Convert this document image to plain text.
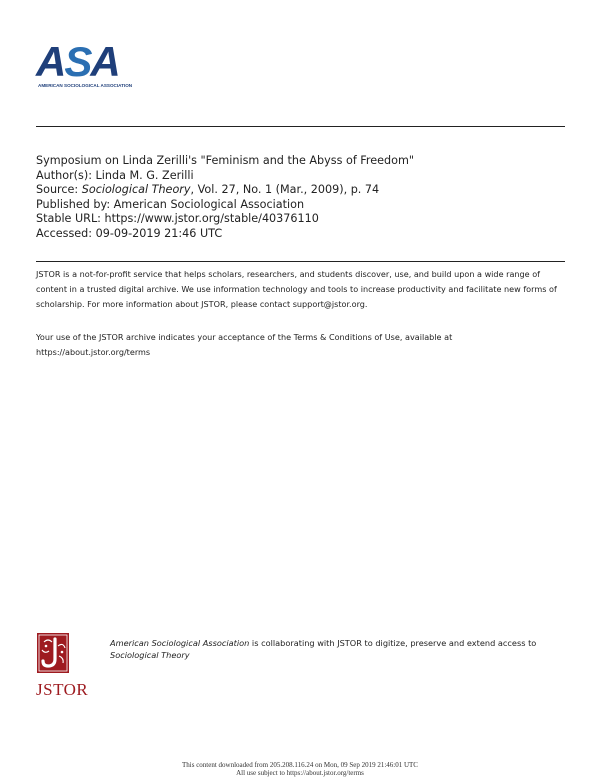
ASA
AMERICAN SOCIOLOGICAL ASSOCIATION
Symposium on Linda Zerilli's "Feminism and the Abyss of Freedom"
Author(s): Linda M. G. Zerilli
Source: Sociological Theory, Vol. 27, No. 1 (Mar., 2009), p. 74
Published by: American Sociological Association
Stable URL: https://www.jstor.org/stable/40376110
Accessed: 09-09-2019 21:46 UTC
JSTOR is a not-for-profit service that helps scholars, researchers, and students discover, use, and build upon a wide range of content in a trusted digital archive. We use information technology and tools to increase productivity and facilitate new forms of scholarship. For more information about JSTOR, please contact support@jstor.org.
Your use of the JSTOR archive indicates your acceptance of the Terms & Conditions of Use, available at https://about.jstor.org/terms
JSTOR
American Sociological Association is collaborating with JSTOR to digitize, preserve and extend access to Sociological Theory
This content downloaded from 205.208.116.24 on Mon, 09 Sep 2019 21:46:01 UTC
All use subject to https://about.jstor.org/terms
